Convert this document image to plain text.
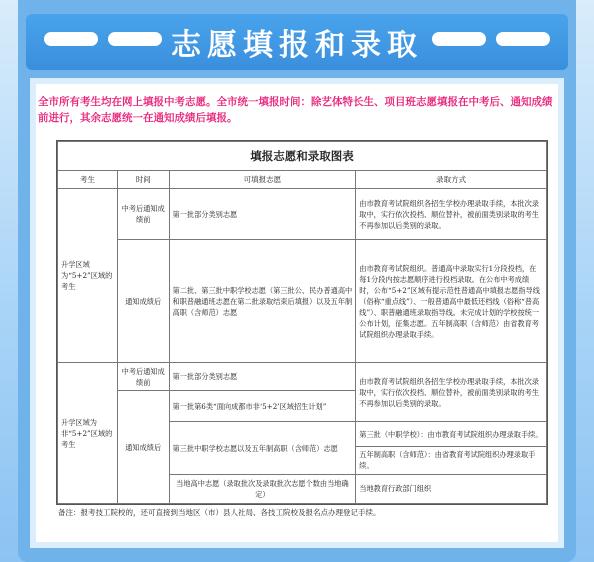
志愿填报和录取
全市所有考生均在网上填报中考志愿。全市统一填报时间：除艺体特长生、项目班志愿填报在中考后、通知成绩前进行，其余志愿统一在通知成绩后填报。
填报志愿和录取图表			
考生	时间	可填报志愿	录取方式
升学区域为“5+2”区域的考生	中考后通知成绩前	第一批部分类别志愿	由市教育考试院组织各招生学校办理录取手续，本批次录取中，实行依次投档、顺位替补，被前面类别录取的考生不再参加以后类别的录取。
	通知成绩后	第二批、第三批中职学校志愿（第三批公、民办普通高中和职普融通班志愿在第二批录取结束后填报）以及五年制高职（含师范）志愿	由市教育考试院组织。普通高中录取实行1分段投档，在每1分段内按志愿顺序进行投档录取。在公布中考成绩时，公布“5+2”区域有提示范性普通高中填报志愿指导线（俗称“重点线”）、一般普通高中最低还档线（俗称“普高线”）、职普融通班录取指导线。未完成计划的学校按统一公布计划，征集志愿。五年制高职（含师范）由省教育考试院组织办理录取手续。
升学区域为非“5+2”区域的考生	中考后通知成绩前	第一批部分类别志愿	由市教育考试院组织各招生学校办理录取手续，本批次录取中，实行依次投档、顺位替补，被前面类别录取的考生不再参加以后类别的录取。
	通知成绩后	第一批第6类“面向成都市非‘5+2’区域招生计划”	
		第三批中职学校志愿以及五年制高职（含师范）志愿	第三批（中职学校）：由市教育考试院组织办理录取手续。
			五年制高职（含师范）：由省教育考试院组织办理录取手续。
		当地高中志愿（录取批次及录取批次志愿个数由当地确定）	当地教育行政部门组织
备注：报考技工院校的，还可直接到当地区（市）县人社局、各技工院校及报名点办理登记手续。
